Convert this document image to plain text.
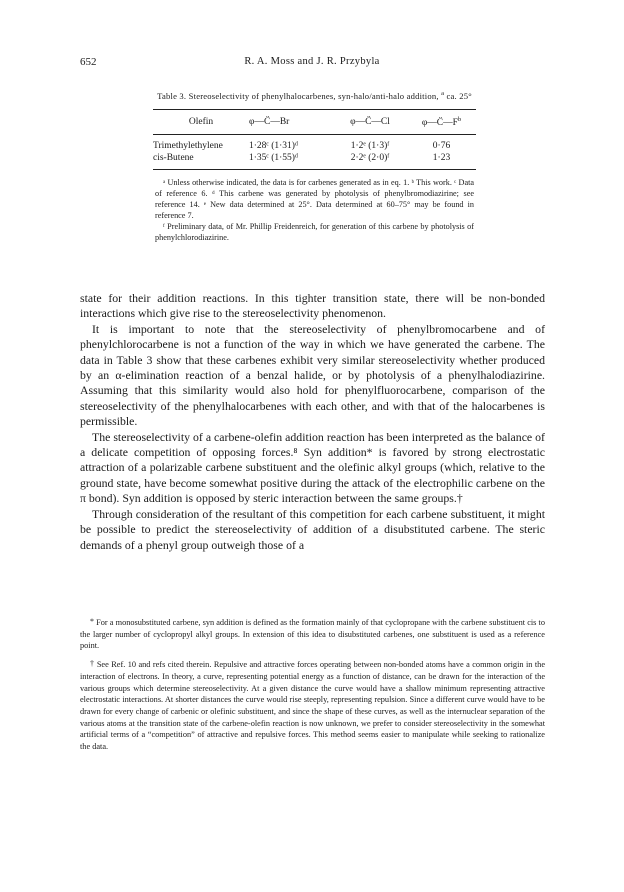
652	R. A. Moss and J. R. Przybyla
Table 3. Stereoselectivity of phenylhalocarbenes, syn-halo/anti-halo addition, $^a$ ca. 25°
Olefin	φ—C̈—Br	φ—C̈—Cl	$\varphi—C̈—F^b$
Trimethylethylene	1·28ᶜ (1·31)ᵈ	1·2ᵉ (1·3)ᶠ	0·76
cis-Butene	1·35ᶜ (1·55)ᵈ	2·2ᵉ (2·0)ᶠ	1·23

ᵃ Unless otherwise indicated, the data is for carbenes generated as in eq. 1. ᵇ This work. ᶜ Data of reference 6. ᵈ This carbene was generated by photolysis of phenylbromodiazirine; see reference 14. ᵉ New data determined at 25°. Data determined at 60–75° may be found in reference 7.

ᶠ Preliminary data, of Mr. Phillip Freidenreich, for generation of this carbene by photolysis of phenylchlorodiazirine.

state for their addition reactions. In this tighter transition state, there will be non-bonded interactions which give rise to the stereoselectivity phenomenon.

It is important to note that the stereoselectivity of phenylbromocarbene and of phenylchlorocarbene is not a function of the way in which we have generated the carbene. The data in Table 3 show that these carbenes exhibit very similar stereoselectivity whether produced by an α-elimination reaction of a benzal halide, or by photolysis of a phenylhalodiazirine. Assuming that this similarity would also hold for phenylfluorocarbene, comparison of the stereoselectivity of the phenylhalocarbenes with each other, and with that of the halocarbenes is permissible.

The stereoselectivity of a carbene-olefin addition reaction has been interpreted as the balance of a delicate competition of opposing forces.⁸ Syn addition* is favored by strong electrostatic attraction of a polarizable carbene substituent and the olefinic alkyl groups (which, relative to the ground state, have become somewhat positive during the attack of the electrophilic carbene on the π bond). Syn addition is opposed by steric interaction between the same groups.†

Through consideration of the resultant of this competition for each carbene substituent, it might be possible to predict the stereoselectivity of addition of a disubstituted carbene. The steric demands of a phenyl group outweigh those of a

* For a monosubstituted carbene, syn addition is defined as the formation mainly of that cyclopropane with the carbene substituent cis to the larger number of cyclopropyl alkyl groups. In extension of this idea to disubstituted carbenes, one substituent is used as a reference point.

† See Ref. 10 and refs cited therein. Repulsive and attractive forces operating between non-bonded atoms have a common origin in the interaction of electrons. In theory, a curve, representing potential energy as a function of distance, can be drawn for the interaction of the various groups which determine stereoselectivity. At a given distance the curve would have a shallow minimum representing attractive electrostatic interactions. At shorter distances the curve would rise steeply, representing repulsion. Since a different curve would have to be drawn for every change of carbenic or olefinic substituent, and since the shape of these curves, as well as the internuclear separation of the various atoms at the transition state of the carbene-olefin reaction is now unknown, we prefer to consider stereoselectivity in the somewhat artificial terms of a “competition” of attractive and repulsive forces. This method seems easier to manipulate while seeking to rationalize the data.
